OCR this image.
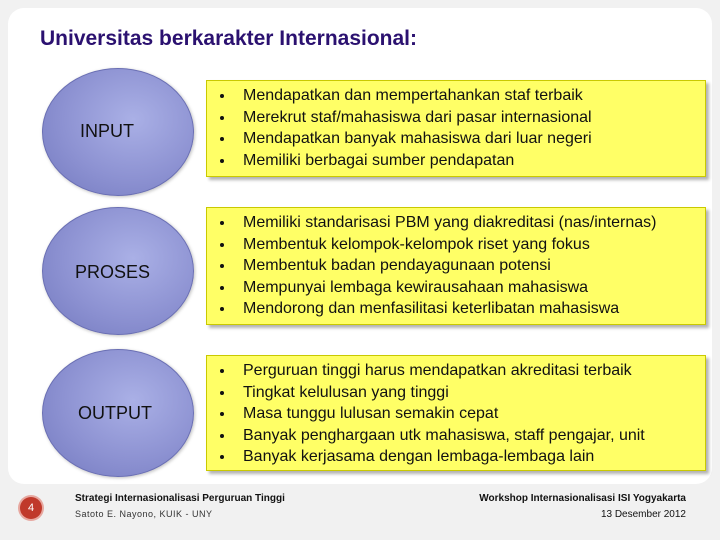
Universitas berkarakter Internasional:
INPUT
• Mendapatkan dan mempertahankan staf terbaik
• Merekrut staf/mahasiswa dari pasar internasional
• Mendapatkan banyak mahasiswa dari luar negeri
• Memiliki berbagai sumber pendapatan
PROSES
• Memiliki standarisasi PBM yang diakreditasi (nas/internas)
• Membentuk kelompok-kelompok riset yang fokus
• Membentuk badan pendayagunaan potensi
• Mempunyai lembaga kewirausahaan mahasiswa
• Mendorong dan menfasilitasi keterlibatan mahasiswa
OUTPUT
• Perguruan tinggi harus mendapatkan akreditasi terbaik
• Tingkat kelulusan yang tinggi
• Masa tunggu lulusan semakin cepat
• Banyak penghargaan utk mahasiswa, staff pengajar, unit
• Banyak kerjasama dengan lembaga-lembaga lain
4
Strategi Internasionalisasi Perguruan Tinggi
Satoto E. Nayono, KUIK - UNY
Workshop Internasionalisasi ISI Yogyakarta
13 Desember 2012
